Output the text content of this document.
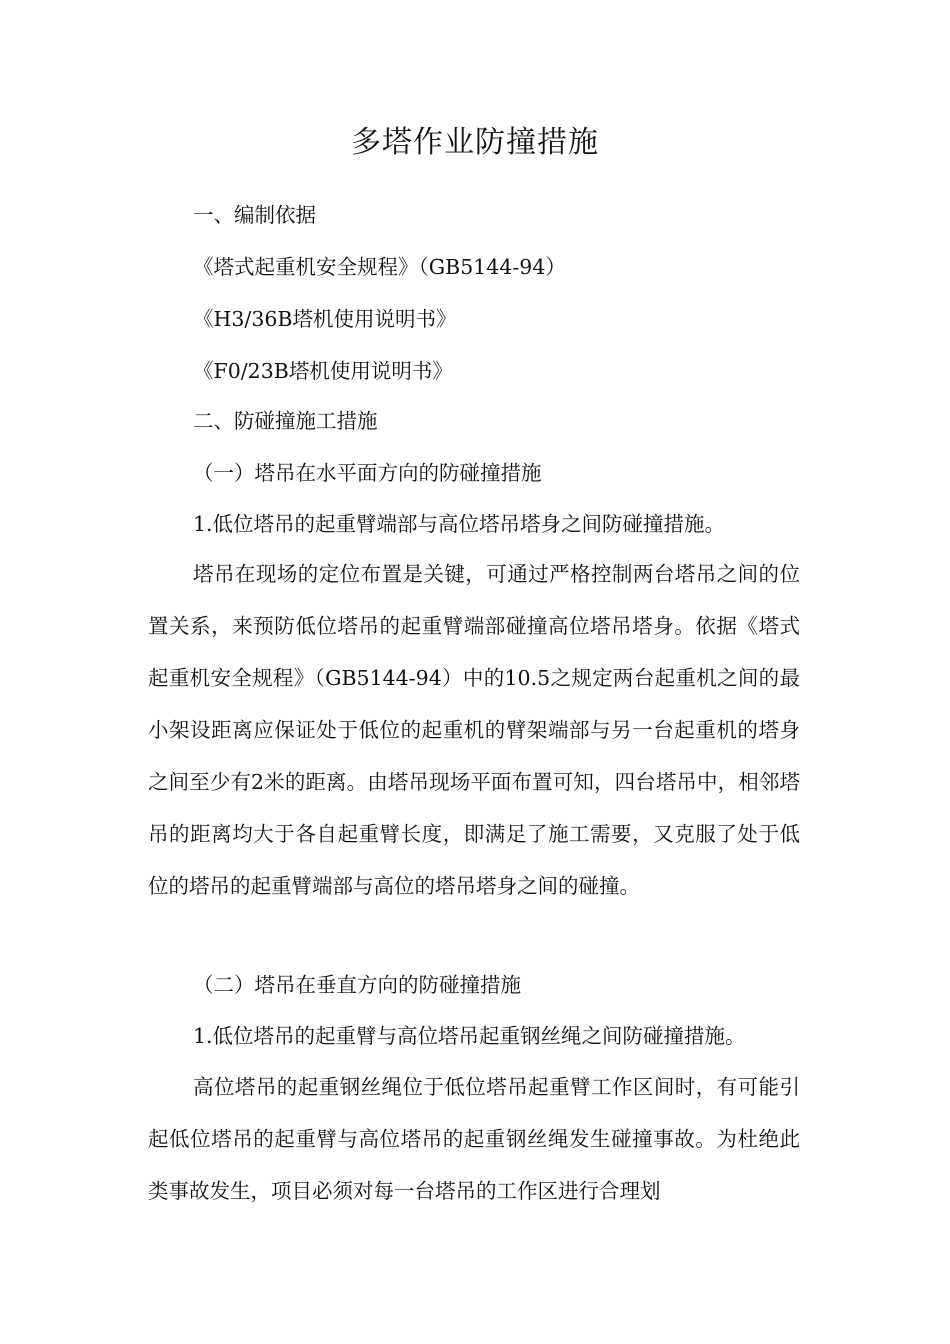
多塔作业防撞措施

一、编制依据

《塔式起重机安全规程》（GB5144-94）

《H3/36B塔机使用说明书》

《F0/23B塔机使用说明书》

二、防碰撞施工措施

（一）塔吊在水平面方向的防碰撞措施

1.低位塔吊的起重臂端部与高位塔吊塔身之间防碰撞措施。

塔吊在现场的定位布置是关键，可通过严格控制两台塔吊之间的位置关系，来预防低位塔吊的起重臂端部碰撞高位塔吊塔身。依据《塔式起重机安全规程》（GB5144-94）中的10.5之规定两台起重机之间的最小架设距离应保证处于低位的起重机的臂架端部与另一台起重机的塔身之间至少有2米的距离。由塔吊现场平面布置可知，四台塔吊中，相邻塔吊的距离均大于各自起重臂长度，即满足了施工需要，又克服了处于低位的塔吊的起重臂端部与高位的塔吊塔身之间的碰撞。

（二）塔吊在垂直方向的防碰撞措施

1.低位塔吊的起重臂与高位塔吊起重钢丝绳之间防碰撞措施。

高位塔吊的起重钢丝绳位于低位塔吊起重臂工作区间时，有可能引起低位塔吊的起重臂与高位塔吊的起重钢丝绳发生碰撞事故。为杜绝此类事故发生，项目必须对每一台塔吊的工作区进行合理划
